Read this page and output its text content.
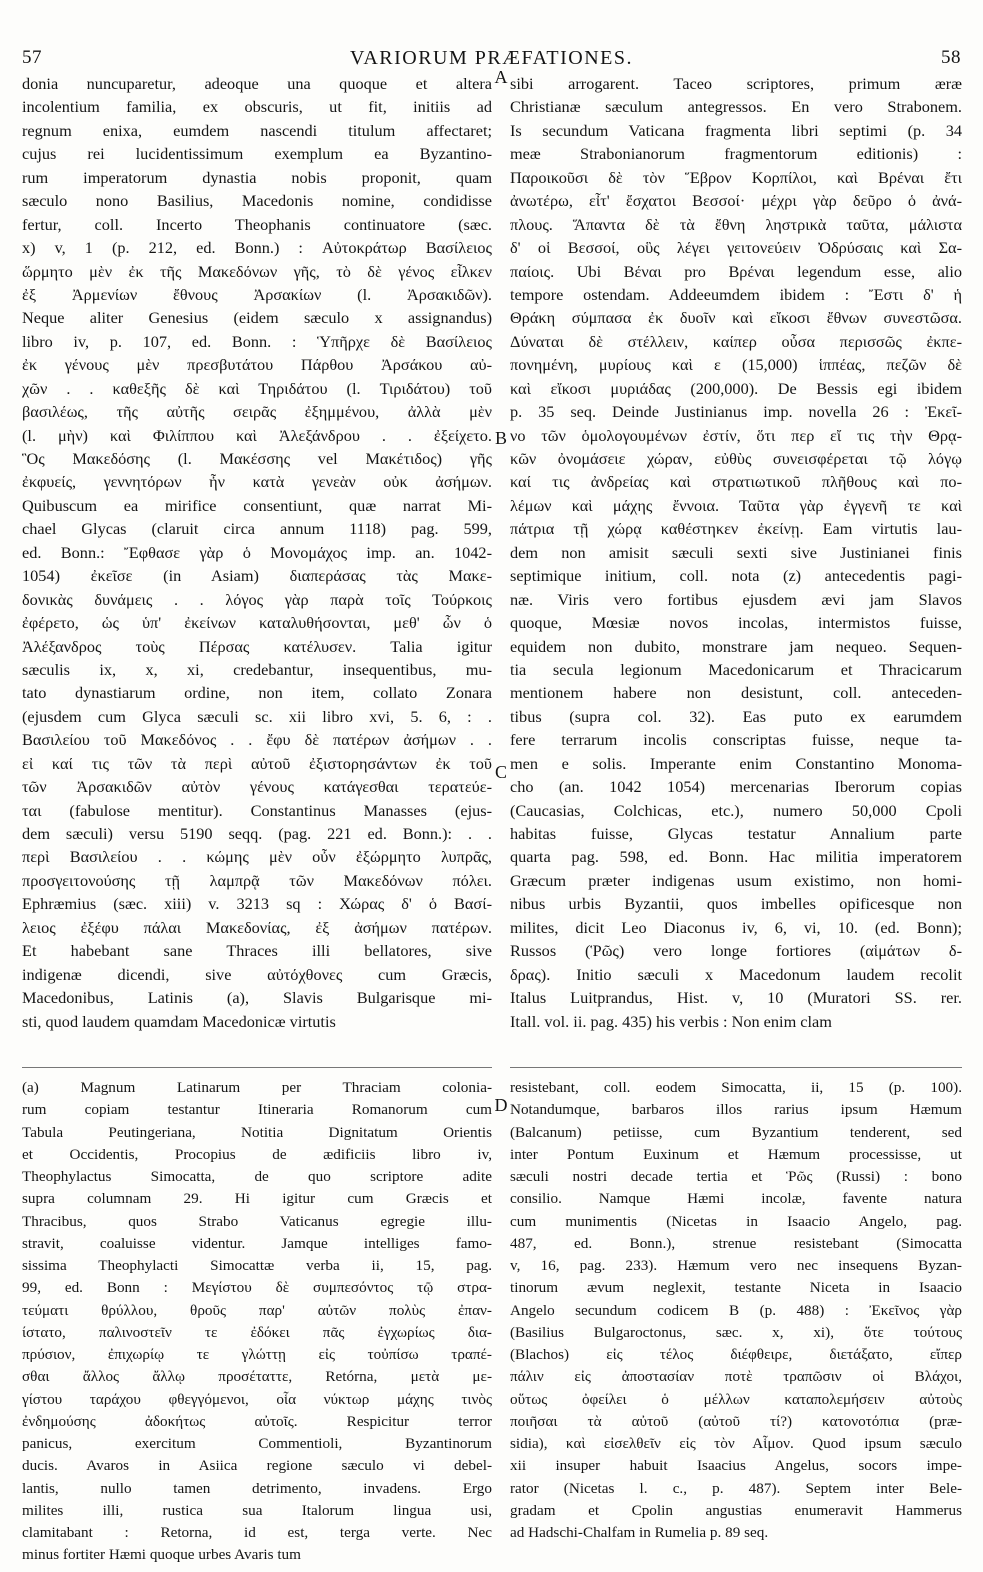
57	VARIORUM PRÆFATIONES.	58
A
B
C
D
donia nuncuparetur, adeoque una quoque et altera
incolentium familia, ex obscuris, ut fit, initiis ad
regnum enixa, eumdem nascendi titulum affectaret;
cujus rei lucidentissimum exemplum ea Byzantino-
rum imperatorum dynastia nobis proponit, quam
sæculo nono Basilius, Macedonis nomine, condidisse
fertur, coll. Incerto Theophanis continuatore (sæc.
x) v, 1 (p. 212, ed. Bonn.) : Αὐτοκράτωρ Βασίλειος
ὥρμητο μὲν ἐκ τῆς Μακεδόνων γῆς, τὸ δὲ γένος εἷλκεν
ἐξ Ἀρμενίων ἔθνους Ἀρσακίων (l. Ἀρσακιδῶν).
Neque aliter Genesius (eidem sæculo x assignandus)
libro iv, p. 107, ed. Bonn. : Ὑπῆρχε δὲ Βασίλειος
ἐκ γένους μὲν πρεσβυτάτου Πάρθου Ἀρσάκου αὐ-
χῶν . . καθεξῆς δὲ καὶ Τηριδάτου (l. Τιριδάτου) τοῦ
βασιλέως, τῆς αὐτῆς σειρᾶς ἐξημμένου, ἀλλὰ μὲν
(l. μὴν) καὶ Φιλίππου καὶ Ἀλεξάνδρου . . ἐξείχετο.
Ὃς Μακεδόσης (l. Μακέσσης vel Μακέτιδος) γῆς
ἐκφυείς, γεννητόρων ἦν κατὰ γενεὰν οὐκ ἀσήμων.
Quibuscum ea mirifice consentiunt, quæ narrat Mi-
chael Glycas (claruit circa annum 1118) pag. 599,
ed. Bonn.: Ἔφθασε γὰρ ὁ Μονομάχος imp. an. 1042-
1054) ἐκεῖσε (in Asiam) διαπεράσας τὰς Μακε-
δονικὰς δυνάμεις . . λόγος γὰρ παρὰ τοῖς Τούρκοις
ἐφέρετο, ὡς ὑπ' ἐκείνων καταλυθήσονται, μεθ' ὧν ὁ
Ἀλέξανδρος τοὺς Πέρσας κατέλυσεν. Talia igitur
sæculis ix, x, xi, credebantur, insequentibus, mu-
tato dynastiarum ordine, non item, collato Zonara
(ejusdem cum Glyca sæculi sc. xii libro xvi, 5. 6, : .
Βασιλείου τοῦ Μακεδόνος . . ἔφυ δὲ πατέρων ἀσήμων . .
εἰ καί τις τῶν τὰ περὶ αὐτοῦ ἐξιστορησάντων ἐκ τοῦ
τῶν Ἀρσακιδῶν αὐτὸν γένους κατάγεσθαι τερατεύε-
ται (fabulose mentitur). Constantinus Manasses (ejus-
dem sæculi) versu 5190 seqq. (pag. 221 ed. Bonn.): . .
περὶ Βασιλείου . . κώμης μὲν οὖν ἐξώρμητο λυπρᾶς,
προσγειτονούσης τῇ λαμπρᾷ τῶν Μακεδόνων πόλει.
Ephræmius (sæc. xiii) v. 3213 sq : Χώρας δ' ὁ Βασί-
λειος ἐξέφυ πάλαι Μακεδονίας, ἐξ ἀσήμων πατέρων.
Et habebant sane Thraces illi bellatores, sive
indigenæ dicendi, sive αὐτόχθονες cum Græcis,
Macedonibus, Latinis (a), Slavis Bulgarisque mi-
sti, quod laudem quamdam Macedonicæ virtutis
sibi arrogarent. Taceo scriptores, primum æræ
Christianæ sæculum antegressos. En vero Strabonem.
Is secundum Vaticana fragmenta libri septimi (p. 34
meæ Strabonianorum fragmentorum editionis) :
Παροικοῦσι δὲ τὸν Ἕβρον Κορπίλοι, καὶ Βρέναι ἔτι
ἀνωτέρω, εἶτ' ἔσχατοι Βεσσοί· μέχρι γὰρ δεῦρο ὁ ἀνά-
πλους. Ἅπαντα δὲ τὰ ἔθνη ληστρικὰ ταῦτα, μάλιστα
δ' οἱ Βεσσοί, οὓς λέγει γειτονεύειν Ὀδρύσαις καὶ Σα-
παίοις. Ubi Βέναι pro Βρέναι legendum esse, alio
tempore ostendam. Addeeumdem ibidem : Ἔστι δ' ἡ
Θράκη σύμπασα ἐκ δυοῖν καὶ εἴκοσι ἔθνων συνεστῶσα.
Δύναται δὲ στέλλειν, καίπερ οὖσα περισσῶς ἐκπε-
πονημένη, μυρίους καὶ ε (15,000) ἱππέας, πεζῶν δὲ
καὶ εἴκοσι μυριάδας (200,000). De Bessis egi ibidem
p. 35 seq. Deinde Justinianus imp. novella 26 : Ἐκεῖ-
νο τῶν ὁμολογουμένων ἐστίν, ὅτι περ εἴ τις τὴν Θρᾳ-
κῶν ὀνομάσειε χώραν, εὐθὺς συνεισφέρεται τῷ λόγῳ
καί τις ἀνδρείας καὶ στρατιωτικοῦ πλῆθους καὶ πο-
λέμων καὶ μάχης ἔννοια. Ταῦτα γὰρ ἐγγενῆ τε καὶ
πάτρια τῇ χώρᾳ καθέστηκεν ἐκείνῃ. Eam virtutis lau-
dem non amisit sæculi sexti sive Justinianei finis
septimique initium, coll. nota (z) antecedentis pagi-
næ. Viris vero fortibus ejusdem ævi jam Slavos
quoque, Mœsiæ novos incolas, intermistos fuisse,
equidem non dubito, monstrare jam nequeo. Sequen-
tia secula legionum Macedonicarum et Thracicarum
mentionem habere non desistunt, coll. anteceden-
tibus (supra col. 32). Eas puto ex earumdem
fere terrarum incolis conscriptas fuisse, neque ta-
men e solis. Imperante enim Constantino Monoma-
cho (an. 1042 1054) mercenarias Iberorum copias
(Caucasias, Colchicas, etc.), numero 50,000 Cpoli
habitas fuisse, Glycas testatur Annalium parte
quarta pag. 598, ed. Bonn. Hac militia imperatorem
Græcum præter indigenas usum existimo, non homi-
nibus urbis Byzantii, quos imbelles opificesque non
milites, dicit Leo Diaconus iv, 6, vi, 10. (ed. Bonn);
Russos (Ῥῶς) vero longe fortiores (αἱμάτων δ-
δρας). Initio sæculi x Macedonum laudem recolit
Italus Luitprandus, Hist. v, 10 (Muratori SS. rer.
Itall. vol. ii. pag. 435) his verbis : Non enim clam
(a) Magnum Latinarum per Thraciam colonia-
rum copiam testantur Itineraria Romanorum cum
Tabula Peutingeriana, Notitia Dignitatum Orientis
et Occidentis, Procopius de ædificiis libro iv,
Theophylactus Simocatta, de quo scriptore adite
supra columnam 29. Hi igitur cum Græcis et
Thracibus, quos Strabo Vaticanus egregie illu-
stravit, coaluisse videntur. Jamque intelliges famo-
sissima Theophylacti Simocattæ verba ii, 15, pag.
99, ed. Bonn : Μεγίστου δὲ συμπεσόντος τῷ στρα-
τεύματι θρύλλου, θροῦς παρ' αὐτῶν πολὺς ἐπαν-
ίστατο, παλινοστεῖν τε ἐδόκει πᾶς ἐγχωρίως δια-
πρύσιον, ἐπιχωρίῳ τε γλώττῃ εἰς τοὐπίσω τραπέ-
σθαι ἄλλος ἄλλῳ προσέταττε, Retórna, μετὰ με-
γίστου ταράχου φθεγγόμενοι, οἷα νύκτωρ μάχης τινὸς
ἐνδημούσης ἀδοκήτως αὐτοῖς. Respicitur terror
panicus, exercitum Commentioli, Byzantinorum
ducis. Avaros in Asiica regione sæculo vi debel-
lantis, nullo tamen detrimento, invadens. Ergo
milites illi, rustica sua Italorum lingua usi,
clamitabant : Retorna, id est, terga verte. Nec
minus fortiter Hæmi quoque urbes Avaris tum
resistebant, coll. eodem Simocatta, ii, 15 (p. 100).
Notandumque, barbaros illos rarius ipsum Hæmum
(Balcanum) petiisse, cum Byzantium tenderent, sed
inter Pontum Euxinum et Hæmum processisse, ut
sæculi nostri decade tertia et Ῥῶς (Russi) : bono
consilio. Namque Hæmi incolæ, favente natura
cum munimentis (Nicetas in Isaacio Angelo, pag.
487, ed. Bonn.), strenue resistebant (Simocatta
v, 16, pag. 233). Hæmum vero nec insequens Byzan-
tinorum ævum neglexit, testante Niceta in Isaacio
Angelo secundum codicem B (p. 488) : Ἐκεῖνος γὰρ
(Basilius Bulgaroctonus, sæc. x, xi), ὅτε τούτους
(Blachos) εἰς τέλος διέφθειρε, διετάξατο, εἴπερ
πάλιν εἰς ἀποστασίαν ποτὲ τραπῶσιν οἱ Βλάχοι,
οὕτως ὀφείλει ὁ μέλλων καταπολεμήσειν αὐτοὺς
ποιῆσαι τὰ αὐτοῦ (αὐτοῦ τί?) κατονοτόπια (præ-
sidia), καὶ εἰσελθεῖν εἰς τὸν Αἷμον. Quod ipsum sæculo
xii insuper habuit Isaacius Angelus, socors impe-
rator (Nicetas l. c., p. 487). Septem inter Bele-
gradam et Cpolin angustias enumeravit Hammerus
ad Hadschi-Chalfam in Rumelia p. 89 seq.
